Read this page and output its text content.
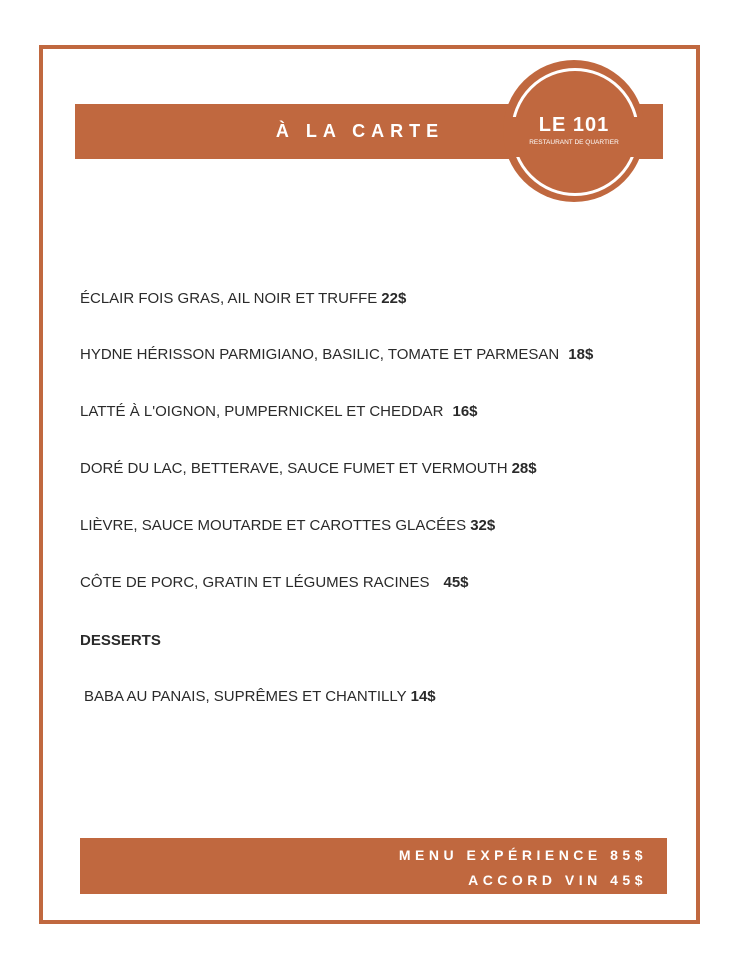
À LA CARTE	LE 101
RESTAURANT DE QUARTIER
ÉCLAIR FOIS GRAS, AIL NOIR ET TRUFFE 22$
HYDNE HÉRISSON PARMIGIANO, BASILIC, TOMATE ET PARMESAN 18$
LATTÉ À L'OIGNON, PUMPERNICKEL ET CHEDDAR 16$
DORÉ DU LAC, BETTERAVE, SAUCE FUMET ET VERMOUTH 28$
LIÈVRE, SAUCE MOUTARDE ET CAROTTES GLACÉES 32$
CÔTE DE PORC, GRATIN ET LÉGUMES RACINES 45$
DESSERTS
BABA AU PANAIS, SUPRÊMES ET CHANTILLY 14$
MENU EXPÉRIENCE 85$
ACCORD VIN 45$
